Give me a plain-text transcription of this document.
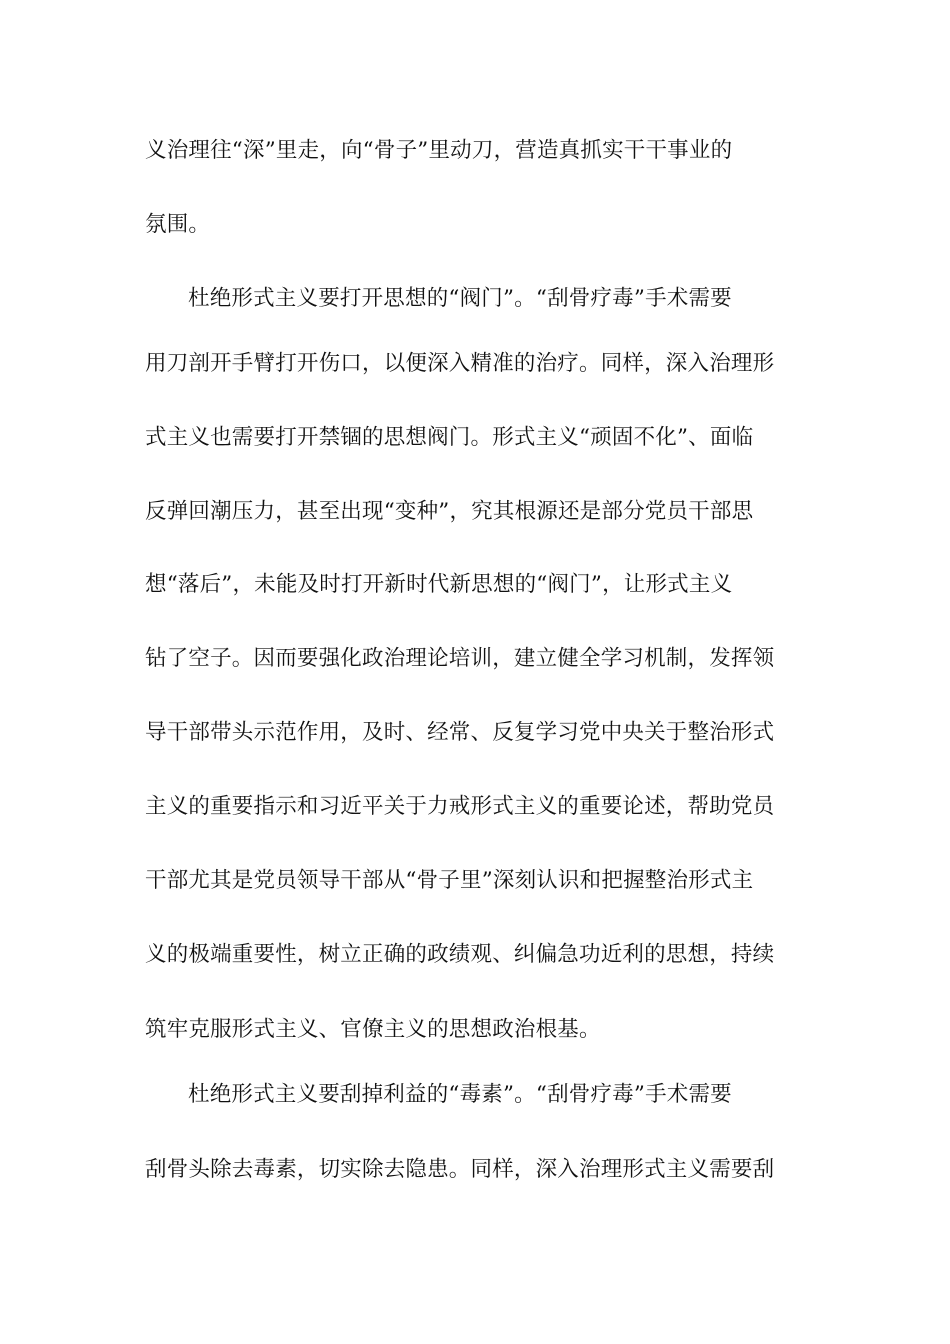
义治理往“深”里走，向“骨子”里动刀，营造真抓实干干事业的
氛围。
杜绝形式主义要打开思想的“阀门”。“刮骨疗毒”手术需要
用刀剖开手臂打开伤口，以便深入精准的治疗。同样，深入治理形
式主义也需要打开禁锢的思想阀门。形式主义“顽固不化”、面临
反弹回潮压力，甚至出现“变种”，究其根源还是部分党员干部思
想“落后”，未能及时打开新时代新思想的“阀门”，让形式主义
钻了空子。因而要强化政治理论培训，建立健全学习机制，发挥领
导干部带头示范作用，及时、经常、反复学习党中央关于整治形式
主义的重要指示和习近平关于力戒形式主义的重要论述，帮助党员
干部尤其是党员领导干部从“骨子里”深刻认识和把握整治形式主
义的极端重要性，树立正确的政绩观、纠偏急功近利的思想，持续
筑牢克服形式主义、官僚主义的思想政治根基。
杜绝形式主义要刮掉利益的“毒素”。“刮骨疗毒”手术需要
刮骨头除去毒素，切实除去隐患。同样，深入治理形式主义需要刮
